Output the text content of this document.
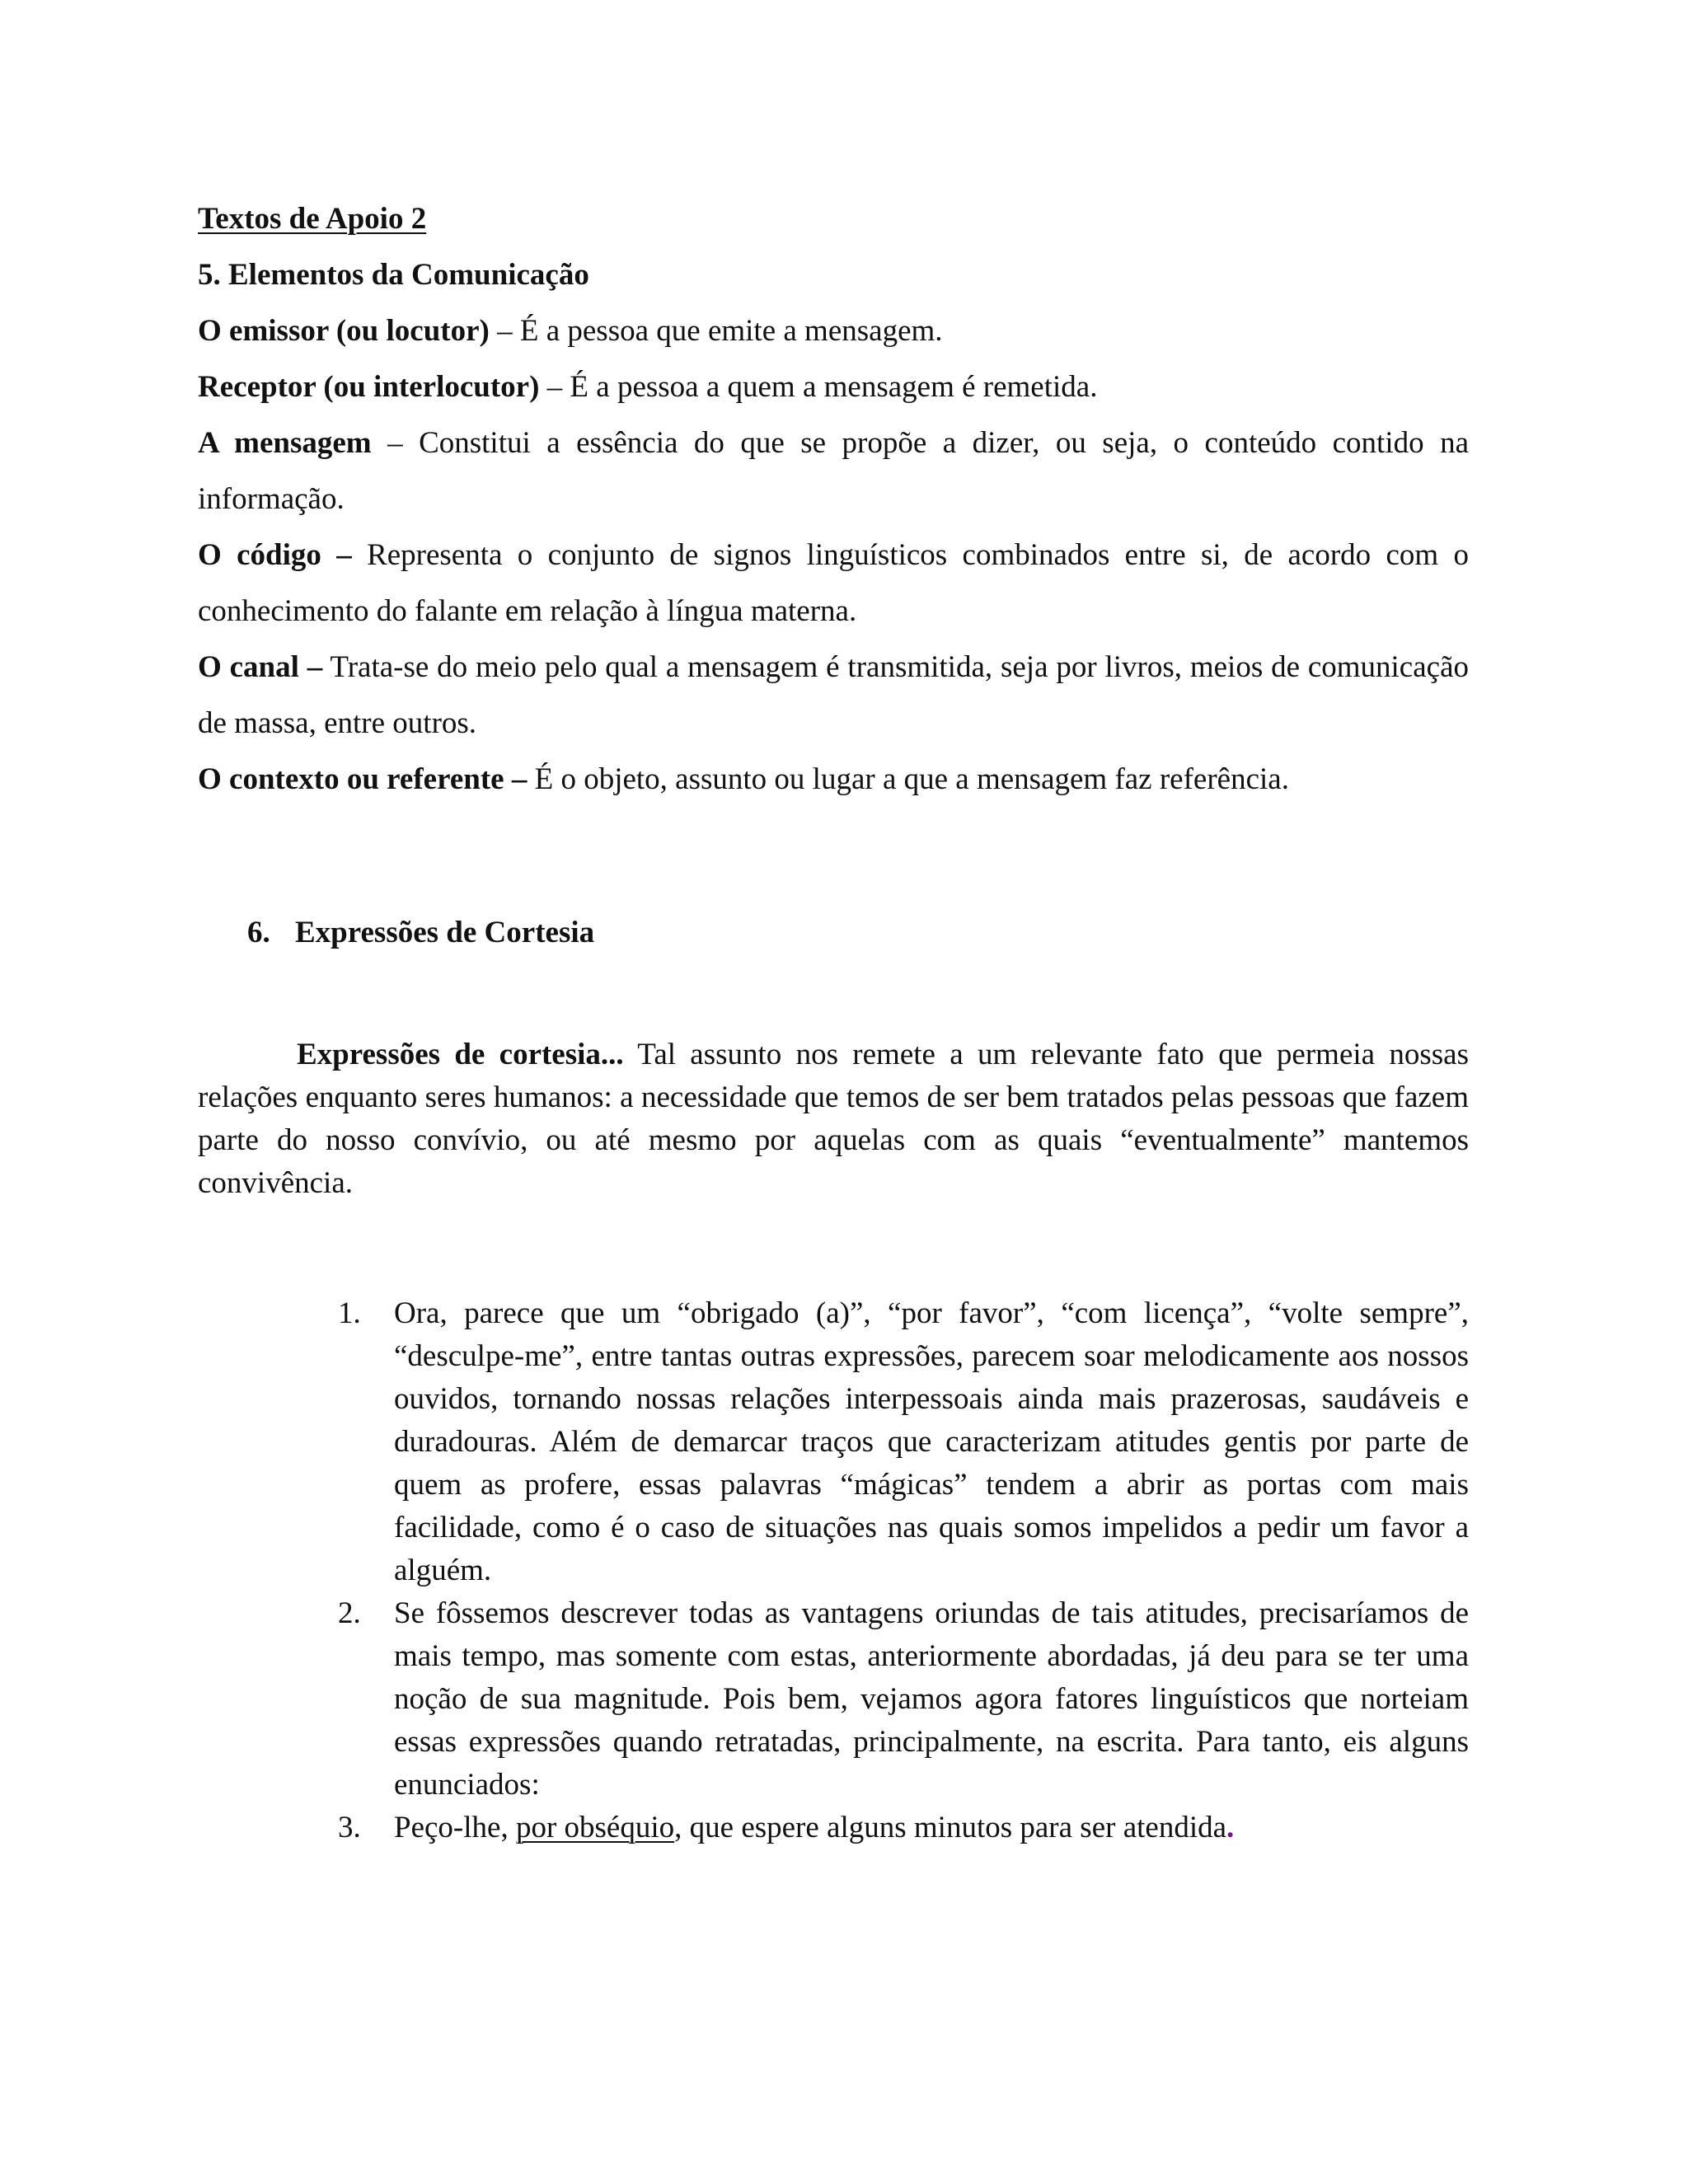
Textos de Apoio 2
5. Elementos da Comunicação
O emissor (ou locutor) – É a pessoa que emite a mensagem.
Receptor (ou interlocutor) – É a pessoa a quem a mensagem é remetida.
A mensagem – Constitui a essência do que se propõe a dizer, ou seja, o conteúdo contido na informação.
O código – Representa o conjunto de signos linguísticos combinados entre si, de acordo com o conhecimento do falante em relação à língua materna.
O canal – Trata-se do meio pelo qual a mensagem é transmitida, seja por livros, meios de comunicação de massa, entre outros.
O contexto ou referente – É o objeto, assunto ou lugar a que a mensagem faz referência.
6. Expressões de Cortesia
Expressões de cortesia... Tal assunto nos remete a um relevante fato que permeia nossas relações enquanto seres humanos: a necessidade que temos de ser bem tratados pelas pessoas que fazem parte do nosso convívio, ou até mesmo por aquelas com as quais “eventualmente” mantemos convivência.
1. Ora, parece que um “obrigado (a)”, “por favor”, “com licença”, “volte sempre”, “desculpe-me”, entre tantas outras expressões, parecem soar melodicamente aos nossos ouvidos, tornando nossas relações interpessoais ainda mais prazerosas, saudáveis e duradouras. Além de demarcar traços que caracterizam atitudes gentis por parte de quem as profere, essas palavras “mágicas” tendem a abrir as portas com mais facilidade, como é o caso de situações nas quais somos impelidos a pedir um favor a alguém.
2. Se fôssemos descrever todas as vantagens oriundas de tais atitudes, precisaríamos de mais tempo, mas somente com estas, anteriormente abordadas, já deu para se ter uma noção de sua magnitude. Pois bem, vejamos agora fatores linguísticos que norteiam essas expressões quando retratadas, principalmente, na escrita. Para tanto, eis alguns enunciados:
3. Peço-lhe, por obséquio, que espere alguns minutos para ser atendida.
